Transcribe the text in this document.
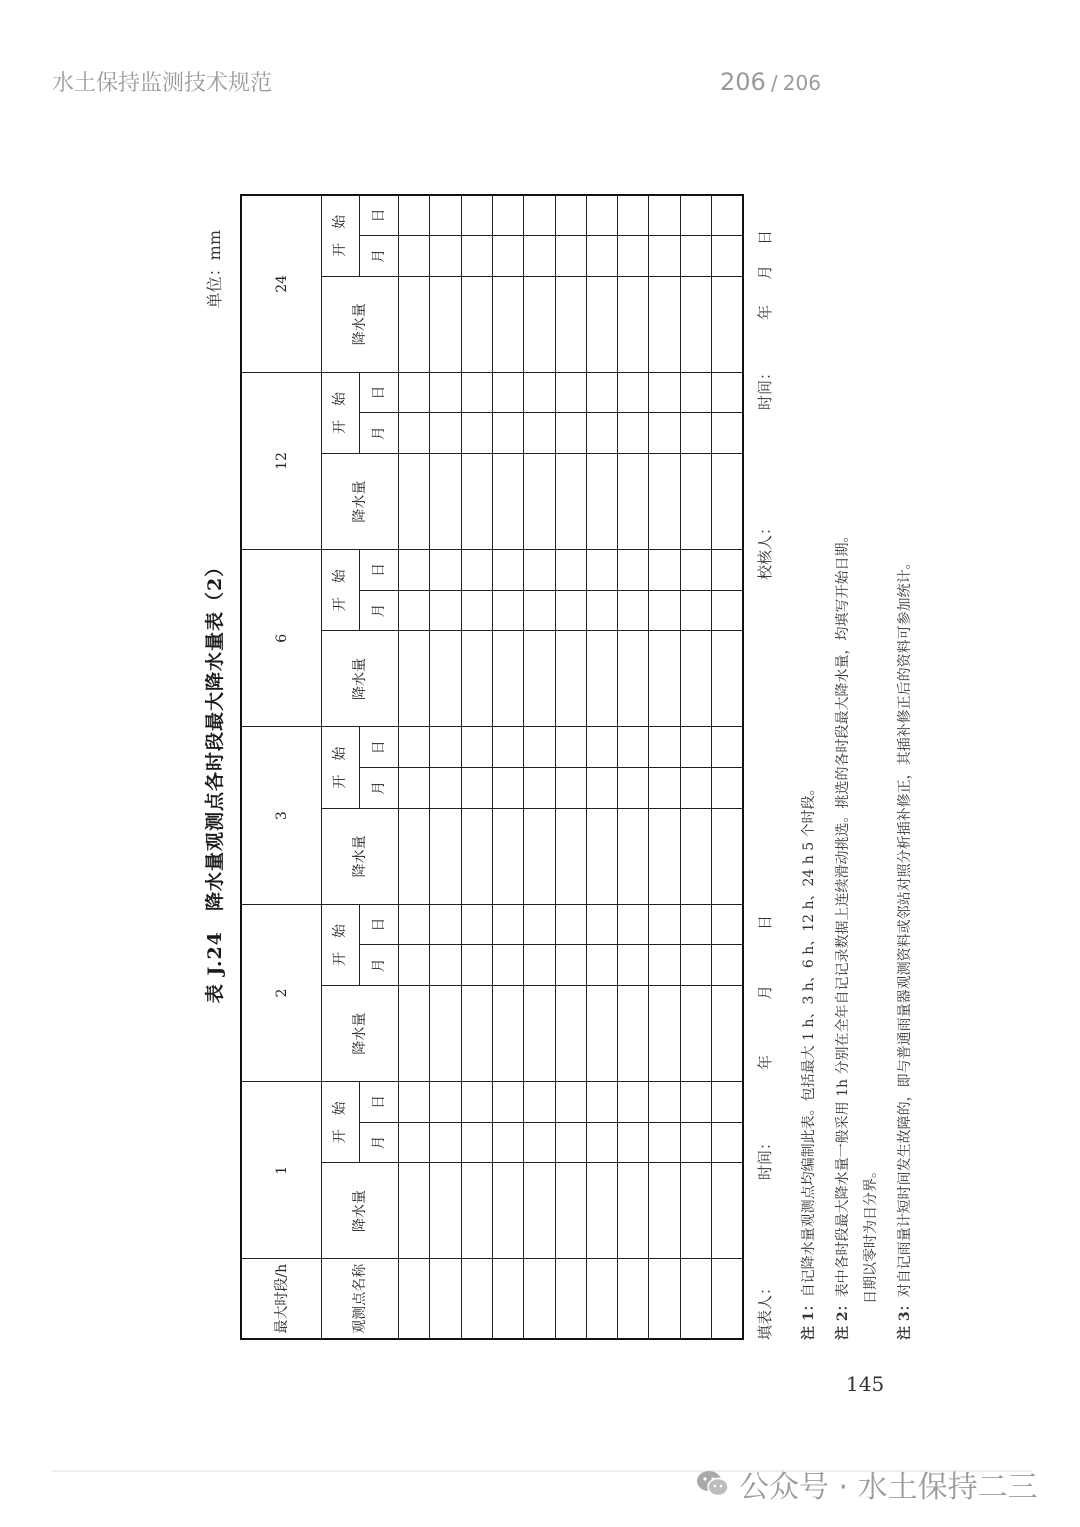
水土保持监测技术规范	206 / 206
表 J.24　降水量观测点各时段最大降水量表（2）
单位：mm
最大时段/h	1			2			3			6			12			24		
观测点名称	降水量	开　始		降水量	开　始		降水量	开　始		降水量	开　始		降水量	开　始		降水量	开　始	
		月	日		月	日		月	日		月	日		月	日		月	日

填表人：
时间：
年
月
日
校核人：
时间：
年
月
日
注 1：自记降水量观测点均编制此表。包括最大 1 h、3 h、6 h、12 h、24 h 5 个时段。
注 2：表中各时段最大降水量一般采用 1h 分别在全年自记记录数据上连续滑动挑选。挑选的各时段最大降水量，均填写开始日期。 日期以零时为日分界。
注 3：对自记雨量计短时间发生故障的，即与普通雨量器观测资料或邻站对照分析插补修正，其插补修正后的资料可参加统计。
145
公众号 · 水土保持二三
